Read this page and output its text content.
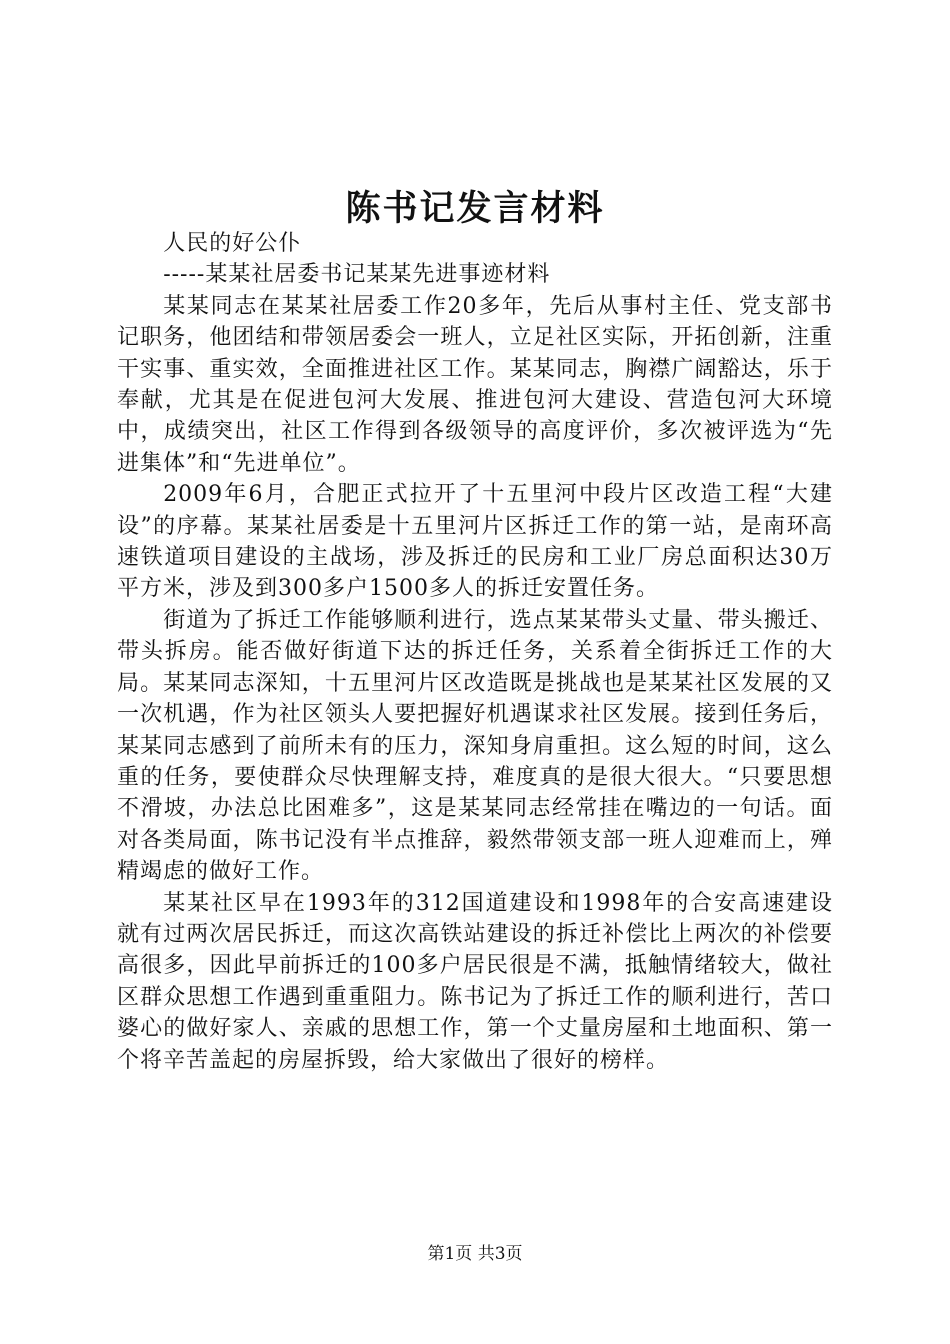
陈书记发言材料

人民的好公仆

-----某某社居委书记某某先进事迹材料

某某同志在某某社居委工作20多年，先后从事村主任、党支部书记职务，他团结和带领居委会一班人，立足社区实际，开拓创新，注重干实事、重实效，全面推进社区工作。某某同志，胸襟广阔豁达，乐于奉献，尤其是在促进包河大发展、推进包河大建设、营造包河大环境中，成绩突出，社区工作得到各级领导的高度评价，多次被评选为“先进集体”和“先进单位”。

2009年6月，合肥正式拉开了十五里河中段片区改造工程“大建设”的序幕。某某社居委是十五里河片区拆迁工作的第一站，是南环高速铁道项目建设的主战场，涉及拆迁的民房和工业厂房总面积达30万平方米，涉及到300多户1500多人的拆迁安置任务。

街道为了拆迁工作能够顺利进行，选点某某带头丈量、带头搬迁、带头拆房。能否做好街道下达的拆迁任务，关系着全街拆迁工作的大局。某某同志深知，十五里河片区改造既是挑战也是某某社区发展的又一次机遇，作为社区领头人要把握好机遇谋求社区发展。接到任务后，某某同志感到了前所未有的压力，深知身肩重担。这么短的时间，这么重的任务，要使群众尽快理解支持，难度真的是很大很大。“只要思想不滑坡，办法总比困难多”，这是某某同志经常挂在嘴边的一句话。面对各类局面，陈书记没有半点推辞，毅然带领支部一班人迎难而上，殚精竭虑的做好工作。

某某社区早在1993年的312国道建设和1998年的合安高速建设就有过两次居民拆迁，而这次高铁站建设的拆迁补偿比上两次的补偿要高很多，因此早前拆迁的100多户居民很是不满，抵触情绪较大，做社区群众思想工作遇到重重阻力。陈书记为了拆迁工作的顺利进行，苦口婆心的做好家人、亲戚的思想工作，第一个丈量房屋和土地面积、第一个将辛苦盖起的房屋拆毁，给大家做出了很好的榜样。

第1页 共3页
